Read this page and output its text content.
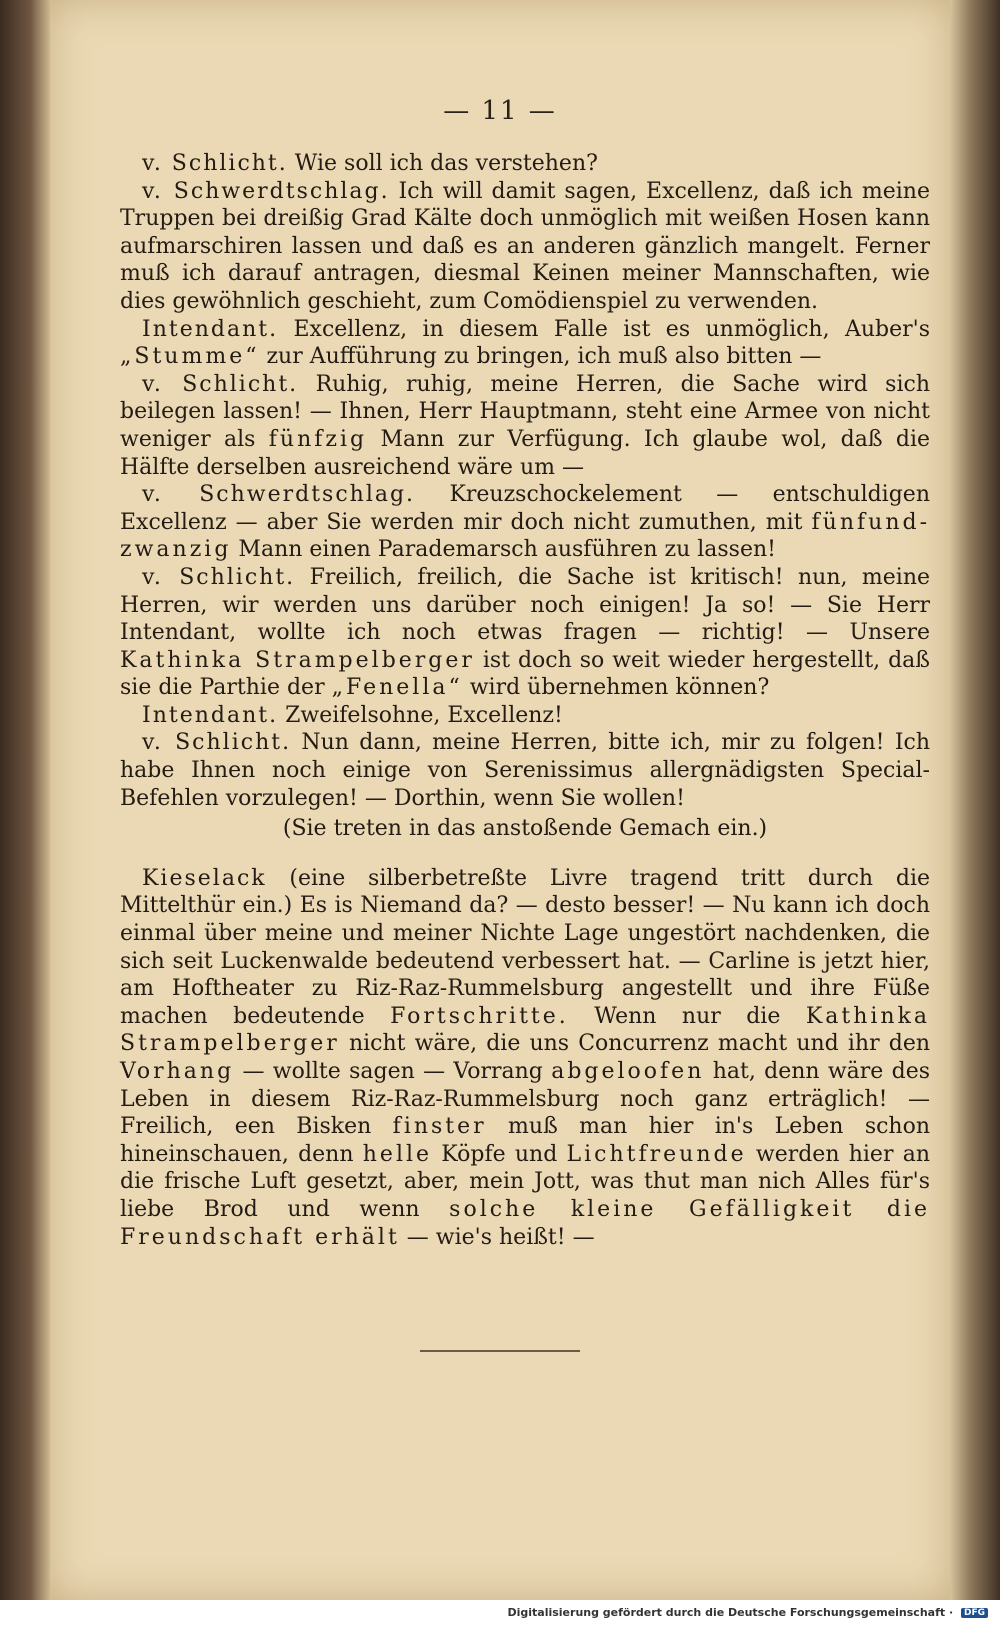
— 11 —

v. Schlicht. Wie soll ich das verstehen?

v. Schwerdtschlag. Ich will damit sagen, Excellenz, daß ich meine Truppen bei dreißig Grad Kälte doch unmöglich mit weißen Hosen kann aufmarschiren lassen und daß es an anderen gänzlich mangelt. Ferner muß ich darauf antragen, diesmal Keinen meiner Mannschaften, wie dies gewöhnlich geschieht, zum Comödienspiel zu verwenden.

Intendant. Excellenz, in diesem Falle ist es unmöglich, Auber's „Stumme“ zur Aufführung zu bringen, ich muß also bitten —

v. Schlicht. Ruhig, ruhig, meine Herren, die Sache wird sich beilegen lassen! — Ihnen, Herr Hauptmann, steht eine Armee von nicht weniger als fünfzig Mann zur Verfügung. Ich glaube wol, daß die Hälfte derselben ausreichend wäre um —

v. Schwerdtschlag. Kreuzschockelement — entschuldigen Excellenz — aber Sie werden mir doch nicht zumuthen, mit fünfund-zwanzig Mann einen Parademarsch ausführen zu lassen!

v. Schlicht. Freilich, freilich, die Sache ist kritisch! nun, meine Herren, wir werden uns darüber noch einigen! Ja so! — Sie Herr Intendant, wollte ich noch etwas fragen — richtig! — Unsere Kathinka Strampelberger ist doch so weit wieder hergestellt, daß sie die Parthie der „Fenella“ wird übernehmen können?

Intendant. Zweifelsohne, Excellenz!

v. Schlicht. Nun dann, meine Herren, bitte ich, mir zu folgen! Ich habe Ihnen noch einige von Serenissimus allergnädigsten Special-Befehlen vorzulegen! — Dorthin, wenn Sie wollen!

(Sie treten in das anstoßende Gemach ein.)

Kieselack (eine silberbetreßte Livre tragend tritt durch die Mittelthür ein.) Es is Niemand da? — desto besser! — Nu kann ich doch einmal über meine und meiner Nichte Lage ungestört nachdenken, die sich seit Luckenwalde bedeutend verbessert hat. — Carline is jetzt hier, am Hoftheater zu Riz-Raz-Rummelsburg angestellt und ihre Füße machen bedeutende Fortschritte. Wenn nur die Kathinka Strampelberger nicht wäre, die uns Concurrenz macht und ihr den Vorhang — wollte sagen — Vorrang abgeloofen hat, denn wäre des Leben in diesem Riz-Raz-Rummelsburg noch ganz erträglich! — Freilich, een Bisken finster muß man hier in's Leben schon hineinschauen, denn helle Köpfe und Lichtfreunde werden hier an die frische Luft gesetzt, aber, mein Jott, was thut man nich Alles für's liebe Brod und wenn solche kleine Gefälligkeit die Freundschaft erhält — wie's heißt! —

Digitalisierung gefördert durch die Deutsche Forschungsgemeinschaft · DFG
